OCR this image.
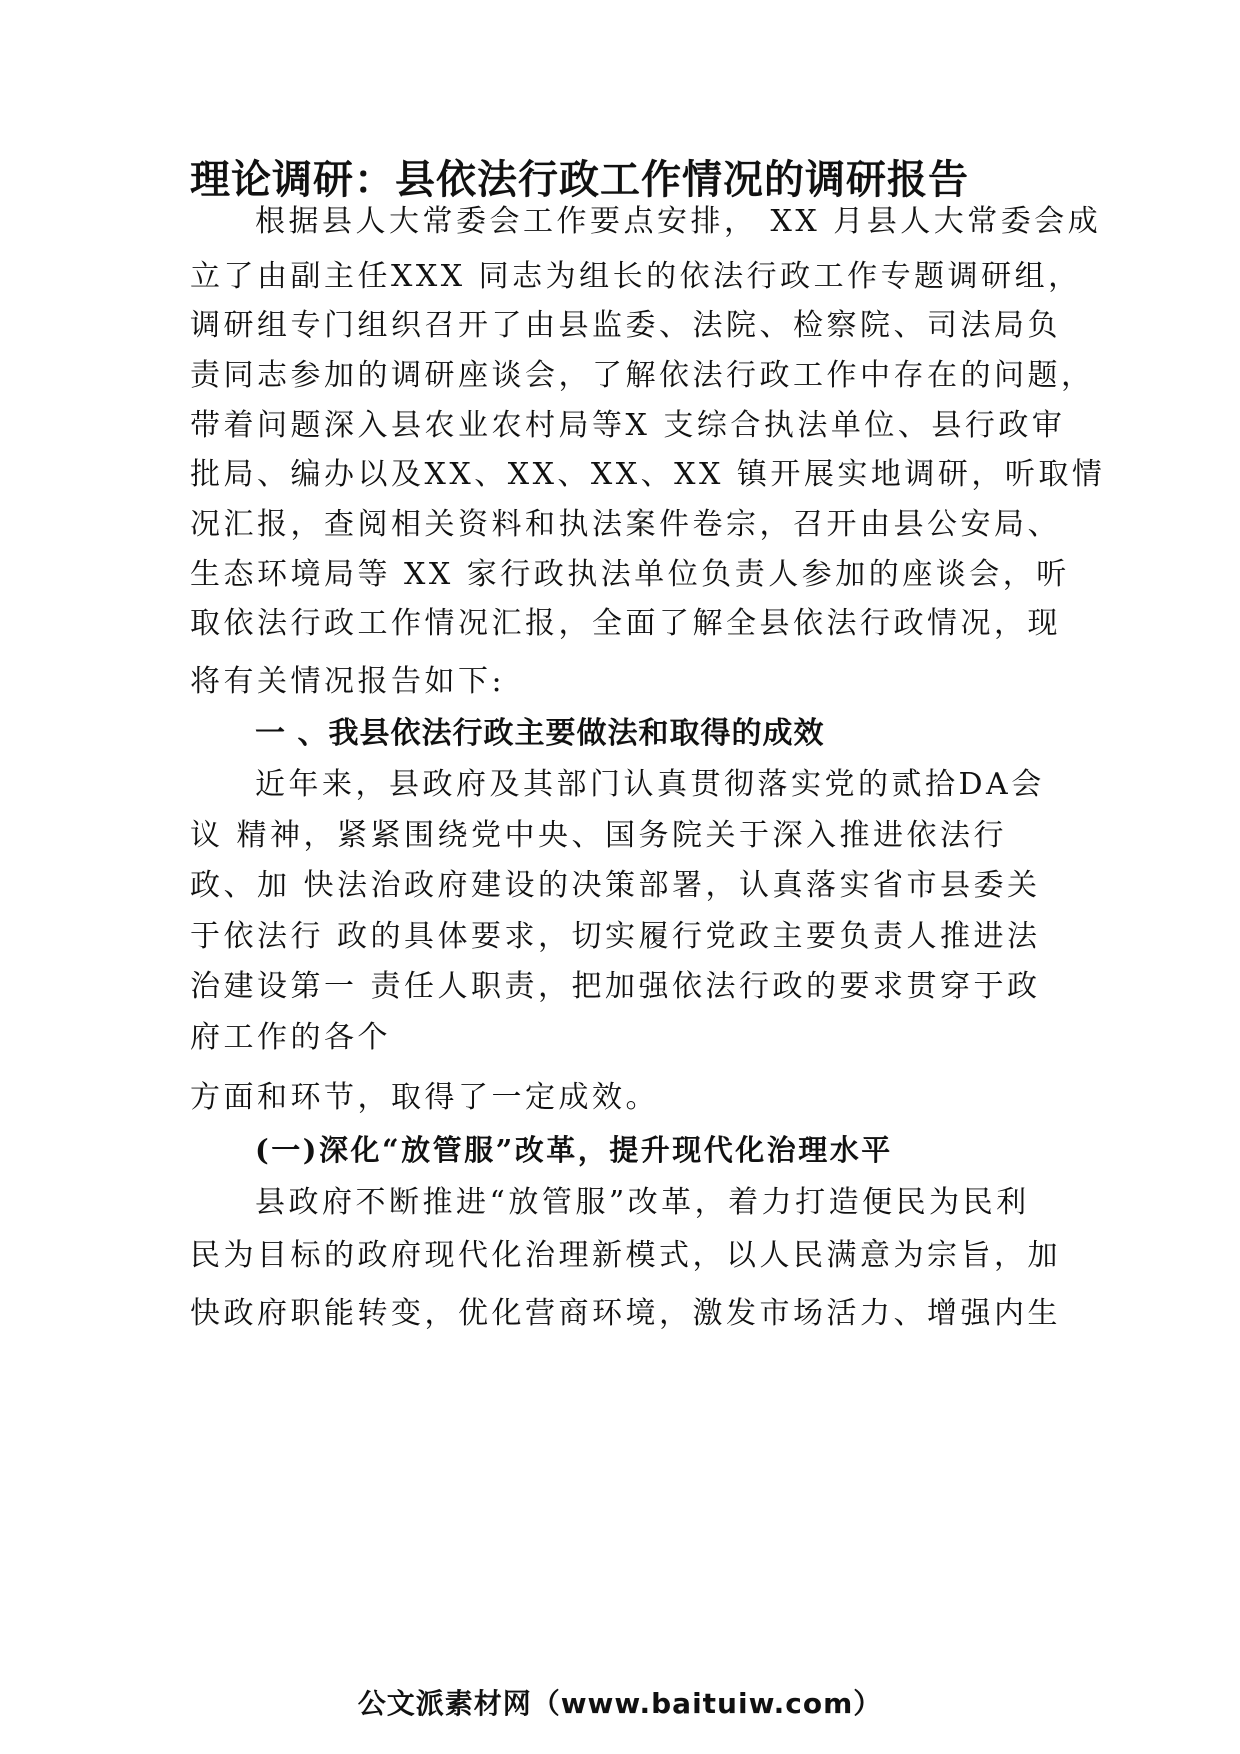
理论调研：县依法行政工作情况的调研报告
根据县人大常委会工作要点安排， XX 月县人大常委会成
立了由副主任XXX 同志为组长的依法行政工作专题调研组，
调研组专门组织召开了由县监委、法院、检察院、司法局负
责同志参加的调研座谈会，了解依法行政工作中存在的问题，
带着问题深入县农业农村局等X 支综合执法单位、县行政审
批局、编办以及XX、XX、XX、XX 镇开展实地调研，听取情
况汇报，查阅相关资料和执法案件卷宗，召开由县公安局、
生态环境局等 XX 家行政执法单位负责人参加的座谈会，听
取依法行政工作情况汇报，全面了解全县依法行政情况，现
将有关情况报告如下:
一 、我县依法行政主要做法和取得的成效
近年来，县政府及其部门认真贯彻落实党的贰拾DA会
议 精神，紧紧围绕党中央、国务院关于深入推进依法行
政、加 快法治政府建设的决策部署，认真落实省市县委关
于依法行 政的具体要求，切实履行党政主要负责人推进法
治建设第一 责任人职责，把加强依法行政的要求贯穿于政
府工作的各个
方面和环节，取得了一定成效。
(一)深化“放管服”改革，提升现代化治理水平
县政府不断推进“放管服”改革，着力打造便民为民利
民为目标的政府现代化治理新模式，以人民满意为宗旨，加
快政府职能转变，优化营商环境，激发市场活力、增强内生
公文派素材网（www.baituiw.com）
